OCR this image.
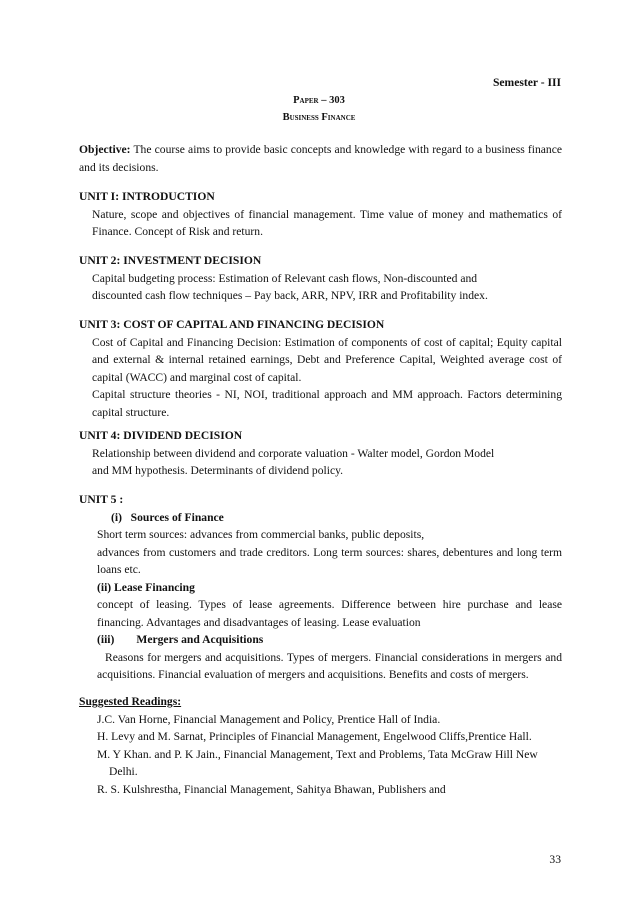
Semester - III
Paper – 303
Business Finance
Objective: The course aims to provide basic concepts and knowledge with regard to a business finance and its decisions.
UNIT I: INTRODUCTION
Nature, scope and objectives of financial management. Time value of money and mathematics of Finance. Concept of Risk and return.
UNIT 2: INVESTMENT DECISION
Capital budgeting process: Estimation of Relevant cash flows, Non-discounted and
discounted cash flow techniques – Pay back, ARR, NPV, IRR and Profitability index.
UNIT 3: COST OF CAPITAL AND FINANCING DECISION
Cost of Capital and Financing Decision: Estimation of components of cost of capital; Equity capital and external & internal retained earnings, Debt and Preference Capital, Weighted average cost of capital (WACC) and marginal cost of capital.
Capital structure theories - NI, NOI, traditional approach and MM approach. Factors determining capital structure.
UNIT 4: DIVIDEND DECISION
Relationship between dividend and corporate valuation - Walter model, Gordon Model
and MM hypothesis. Determinants of dividend policy.
UNIT 5 :
(i)   Sources of Finance
Short term sources: advances from commercial banks, public deposits,
advances from customers and trade creditors. Long term sources: shares, debentures and long term loans etc.
(ii) Lease Financing
concept of leasing. Types of lease agreements. Difference between hire purchase and lease financing. Advantages and disadvantages of leasing. Lease evaluation
(iii) Mergers and Acquisitions
Reasons for mergers and acquisitions. Types of mergers. Financial considerations in mergers and acquisitions. Financial evaluation of mergers and acquisitions. Benefits and costs of mergers.
Suggested Readings:
J.C. Van Horne, Financial Management and Policy, Prentice Hall of India.
H. Levy and M. Sarnat, Principles of Financial Management, Engelwood Cliffs,Prentice Hall.
M. Y Khan. and P. K Jain., Financial Management, Text and Problems, Tata McGraw Hill New Delhi.
R. S. Kulshrestha, Financial Management, Sahitya Bhawan, Publishers and
33
